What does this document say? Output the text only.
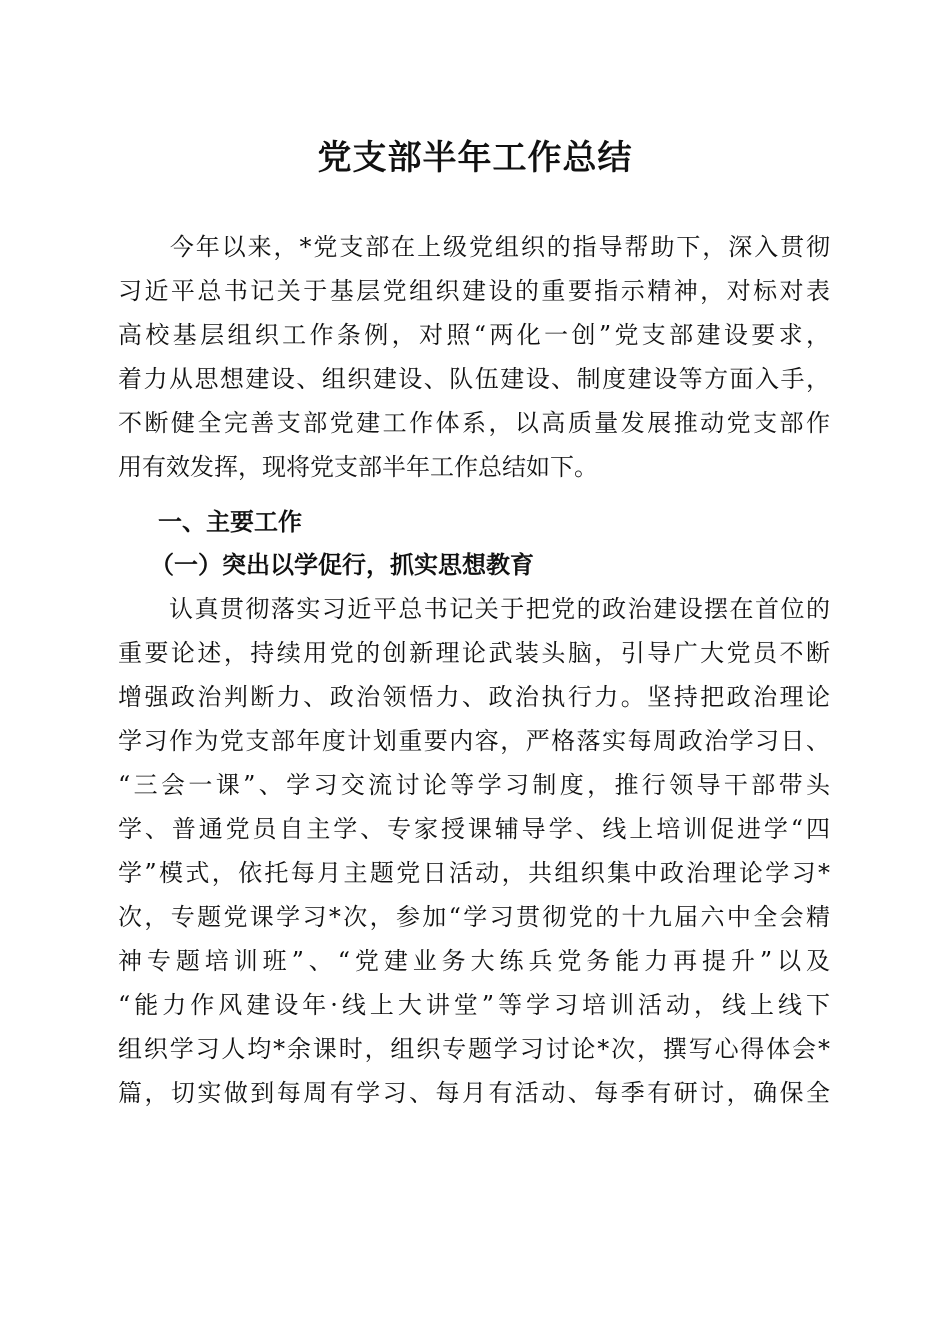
党支部半年工作总结
　　今年以来，*党支部在上级党组织的指导帮助下，深入贯彻
习近平总书记关于基层党组织建设的重要指示精神，对标对表
高校基层组织工作条例，对照“两化一创”党支部建设要求，
着力从思想建设、组织建设、队伍建设、制度建设等方面入手，
不断健全完善支部党建工作体系，以高质量发展推动党支部作
用有效发挥，现将党支部半年工作总结如下。
一、主要工作
（一）突出以学促行，抓实思想教育
　　认真贯彻落实习近平总书记关于把党的政治建设摆在首位的
重要论述，持续用党的创新理论武装头脑，引导广大党员不断
增强政治判断力、政治领悟力、政治执行力。坚持把政治理论
学习作为党支部年度计划重要内容，严格落实每周政治学习日、
“三会一课”、学习交流讨论等学习制度，推行领导干部带头
学、普通党员自主学、专家授课辅导学、线上培训促进学“四
学”模式，依托每月主题党日活动，共组织集中政治理论学习*
次，专题党课学习*次，参加“学习贯彻党的十九届六中全会精
神专题培训班”、“党建业务大练兵党务能力再提升”以及
“能力作风建设年·线上大讲堂”等学习培训活动，线上线下
组织学习人均*余课时，组织专题学习讨论*次，撰写心得体会*
篇，切实做到每周有学习、每月有活动、每季有研讨，确保全
